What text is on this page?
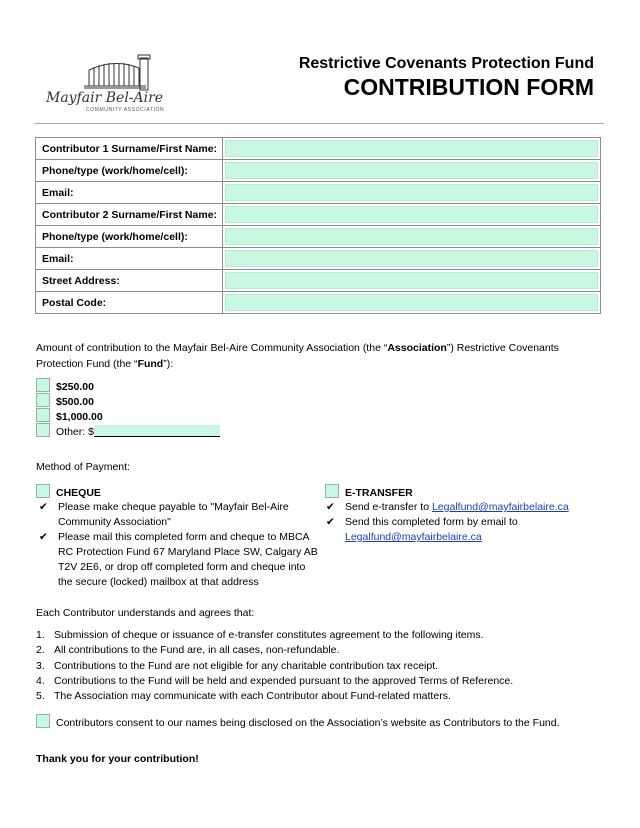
Mayfair Bel-Aire
COMMUNITY ASSOCIATION
Restrictive Covenants Protection Fund
CONTRIBUTION FORM
Contributor 1 Surname/First Name:	

Phone/type (work/home/cell):	

Email:	

Contributor 2 Surname/First Name:	

Phone/type (work/home/cell):	

Email:	

Street Address:	

Postal Code:	

Amount of contribution to the Mayfair Bel-Aire Community Association (the “Association”) Restrictive Covenants Protection Fund (the “Fund”):

$250.00
$500.00
$1,000.00
Other: $
Method of Payment:
CHEQUE
✔ Please make cheque payable to "Mayfair Bel-Aire Community Association"
✔ Please mail this completed form and cheque to MBCA RC Protection Fund 67 Maryland Place SW, Calgary AB T2V 2E6, or drop off completed form and cheque into the secure (locked) mailbox at that address
E-TRANSFER
✔ Send e-transfer to Legalfund@mayfairbelaire.ca
✔ Send this completed form by email to
Legalfund@mayfairbelaire.ca
Each Contributor understands and agrees that:
1. Submission of cheque or issuance of e-transfer constitutes agreement to the following items.
2. All contributions to the Fund are, in all cases, non-refundable.
3. Contributions to the Fund are not eligible for any charitable contribution tax receipt.
4. Contributions to the Fund will be held and expended pursuant to the approved Terms of Reference.
5. The Association may communicate with each Contributor about Fund-related matters.
Contributors consent to our names being disclosed on the Association’s website as Contributors to the Fund.
Thank you for your contribution!
